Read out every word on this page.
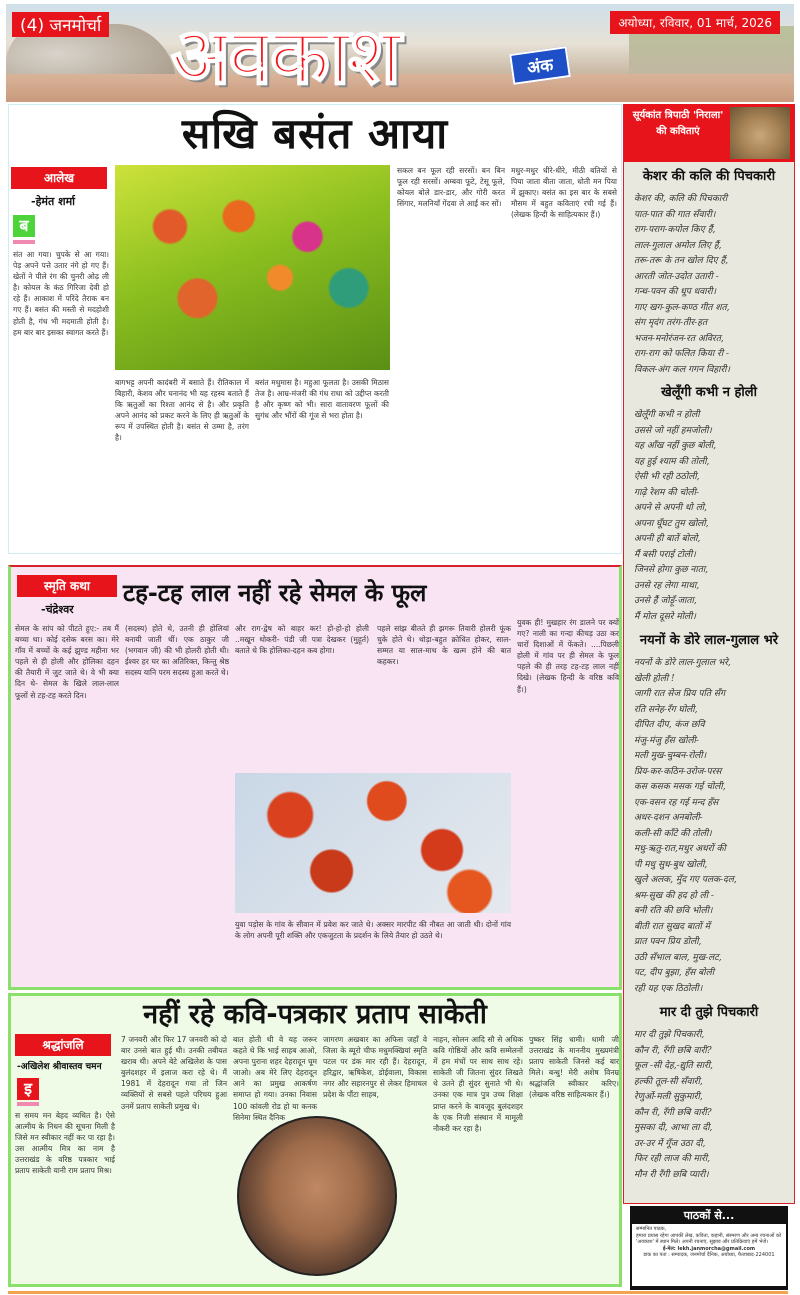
(4) जनमोर्चा	अयोध्या, रविवार, 01 मार्च, 2026
अवकाश	अंक
सखि बसंत आया
आलेख
-हेमंत शर्मा
ब
संत आ गया। चुपके से आ गया। पेड़ अपने पत्ते उतार नंगे हो गए हैं। खेतों ने पीले रंग की चुनरी ओढ़ ली है। कोयल के कंठ गिरिजा देवी हो रहे हैं। आकाश में परिंदे तैराक बन गए हैं। बसंत की मस्ती से मदहोशी होती है, गंध भी मदमाती होती है। हम बार बार इसका स्वागत करते हैं।
बागभट्ट अपनी कादंबरी में बसाते हैं। रीतिकाल में बिहारी, केशव और घनानंद भी यह रहस्य बताते हैं कि ऋतुओं का रिश्ता आनंद से है। और प्रकृति अपने आनंद को प्रकट करने के लिए ही ऋतुओं के रूप में उपस्थित होती है। बसंत से उम्मा है, तरंग है।
बसंत मधुमास है। महुआ फूलता है। उसकी मिठास तेज है। आम्र-मंजरी की गंध राधा को उद्दीप्त करती है और कृष्ण को भी। सारा वातावरण फूलों की सुगंध और भौंरों की गूंज से भरा होता है।
सकल बन फूल रही सरसों। बन बिन फूल रही सरसों। अम्बवा फूटे, टेसू फूले, कोयल बोले डार-डार, और गोरी करत सिंगार, मलनियाँ गेंदवा ले आईं कर सों।
मधुर-मधुर धीरे-धीरे, मीठी बतियों से पिया जाता बीता जाता, धोती मन पिया में झुकाए। बसंत का इस बार के सबसे मौसम में बहुत कविताएं रची गई हैं। (लेखक हिन्दी के साहित्यकार हैं।)
सूर्यकांत त्रिपाठी 'निराला' की कविताएं
केशर की कलि की पिचकारी
केशर की, कलि की पिचकारी
पात-पात की गात सँवारी।
राग-पराग-कपोल किए हैं,
लाल-गुलाल अमोल लिए हैं,
तरू-तरू के तन खोल दिए हैं,
आरती जोत-उदोत उतारी -
गन्ध-पवन की धूप धवारी।
गाए खग-कुल-कण्ठ गीत शत,
संग मृदंग तरंग-तीर-हत
भजन-मनोरंजन-रत अविरत,
राग-राग को फलित किया री -
विकल-अंग कल गगन विहारी।
खेलूँगी कभी न होली
खेलूँगी कभी न होली
उससे जो नहीं हमजोली।
यह आँख नहीं कुछ बोली,
यह हुई श्याम की तोली,
ऐसी भी रही ठठोली,
गाढ़े रेशम की चोली-
अपने से अपनी धो लो,
अपना घूँघट तुम खोलो,
अपनी ही बातें बोलो,
मैं बसी पराई टोली।
जिनसे होगा कुछ नाता,
उनसे रह लेगा माथा,
उनसे हैं जोड़ूँ-जाता,
मैं मोल दूसरे मोली।
नयनों के डोरे लाल-गुलाल भरे
नयनों के डोरे लाल-गुलाल भरे,
खेली होली !
जागी रात सेज प्रिय पति सँग
रति सनेह-रँग घोली,
दीपित दीप, कंज छवि
मंजु-मंजु हँस खोली-
मली मुख-चुम्बन-रोली।
प्रिय-कर-कठिन-उरोज-परस
कस कसक मसक गई चोली,
एक-वसन रह गई मन्द हँस
अधर-दशन अनबोली-
कली-सी काँटे की तोली।
मधु-ऋतु-रात,मधुर अधरों की
पी मधु सुध-बुध खोली,
खुले अलक, मुँद गए पलक-दल,
श्रम-सुख की हद हो ली -
बनी रति की छवि भोली।
बीती रात सुखद बातों में
प्रात पवन प्रिय डोली,
उठी सँभाल बाल, मुख-लट,
पट, दीप बुझा, हँस बोली
रही यह एक ठिठोली।
मार दी तुझे पिचकारी
मार दी तुझे पिचकारी,
कौन री, रँगी छबि वारी?
फूल -सी देह,-द्युति सारी,
हल्की तूल-सी सँवारी,
रेणुओं-मली सुकुमारी,
कौन री, रँगी छबि वारी?
मुसका दी, आभा ला दी,
उर-उर में गूँज उठा दी,
फिर रही लाज की मारी,
मौन री रँगी छबि प्यारी।
स्मृति कथा
-चंद्रेश्वर
टह-टह लाल नहीं रहे सेमल के फूल
सेमल के सांप को पीटते हुए:- तब मैं बच्चा था। कोई दसेक बरस का। मेरे गाँव में बच्चों के कई झुण्ड महीना भर पहले से ही होली और होलिका दहन की तैयारी में जुट जाते थे। वे भी क्या दिन थे- सेमल के खिले लाल-लाल फूलों से टह-टह करते दिन।
(सदस्य) होते थे, उतनी ही होलियां बनायी जाती थीं। एक ठाकुर जी (भगवान जी) की भी होलरी होती थी। ईश्वर हर घर का अतिरिक्त, किन्तु श्रेष्ठ सदस्य यानि परम सदस्य हुआ करते थे।
और राग-द्वेष को बाहर कर! हो-हो-हो होली ..मखून थोकरी- पंडी जी पत्रा देखकर (मुहूर्त) बताते थे कि होलिका-दहन कब होगा।
पहले सांझ बीतते ही झगरू तिवारी होलरी फूंक चुके होते थे। थोड़ा-बहुत क्रोधित होकर, साल-सम्मत या साल-माथ के खत्म होने की बात कहकर।
युवा पड़ोस के गांव के सीवान में प्रवेश कर जाते थे। अक्सर मारपीट की नौबत आ जाती थी। दोनों गांव के लोग अपनी पूरी शक्ति और एकजुटता के प्रदर्शन के लिये तैयार हो उठते थे।
युवक ही! मुखहार रंग डालने पर क्यों गए? नाली का गन्दा कीचड़ उठा कर चारों दिशाओं में फेंकते। ....पिछली होली में गांव पर ही सेमल के फूल पहले की ही तरह टह-टह लाल नहीं दिखे। (लेखक हिन्दी के वरिष्ठ कवि हैं।)
नहीं रहे कवि-पत्रकार प्रताप साकेती
श्रद्धांजलि
-अखिलेश श्रीवास्तव चमन
इ
स समय मन बेहद व्यथित है। ऐसे आत्मीय के निधन की सूचना मिली है जिसे मन स्वीकार नहीं कर पा रहा है। उस आत्मीय मित्र का नाम है उत्तराखंड के वरिष्ठ पत्रकार भाई प्रताप साकेती यानी राम प्रताप मिश्र।
7 जनवरी और फिर 17 जनवरी को दो बार उनसे बात हुई थी। उनकी तबीयत खराब थी। अपने बेटे अखिलेश के पास बुलंदशहर में इलाज करा रहे थे। मैं 1981 में देहरादून गया तो जिन व्यक्तियों से सबसे पहले परिचय हुआ उनमें प्रताप साकेती प्रमुख थे।
बात होती थी वे यह जरूर कहते थे कि भाई साहब आओ, अपना पुराना शहर देहरादून घूम जाओ। अब मेरे लिए देहरादून आने का प्रमुख आकर्षण समाप्त हो गया। उनका निवास 100 कांवली रोड हो या कनक सिनेमा स्थित दैनिक
जागरण अखबार का अफिस जहाँ वे जिला के ब्यूरो चीफ मधुमक्खियां स्मृति पटल पर डंक मार रही हैं। देहरादून, हरिद्वार, ऋषिकेश, डोईवाला, विकास नगर और सहारनपुर से लेकर हिमाचल प्रदेश के पौंटा साहब,
नाहन, सोलन आदि सौ से अधिक कवि गोष्ठियों और कवि सम्मेलनों में हम मंचों पर साथ साथ रहे। साकेती जी जितना सुंदर लिखते थे उतने ही सुंदर सुनाते भी थे। उनका एक मात्र पुत्र उच्च शिक्षा प्राप्त करने के बावजूद बुलंदशहर के एक निजी संस्थान में मामूली नौकरी कर रहा है।
पुष्कर सिंह धामी। धामी जी उत्तराखंड के माननीय मुख्यमंत्री प्रताप साकेती जिनसे कई बार मिले। बन्धु! मेरी अशेष विनम्र श्रद्धांजलि स्वीकार करिए। (लेखक वरिष्ठ साहित्यकार हैं।)
पाठकों से...
सम्मानित पाठक,
हमारा प्रयास रहेगा आपकी लेख, कविता, कहानी, संस्मरण और अन्य रचनाओं को 'अवकाश' में स्थान मिले। अपनी रचनाएं, सुझाव और प्रतिक्रियाएं हमें भेजें।
ई-मेल: lekh.janmorcha@gmail.com
डाक का पता : सम्पादक, जनमोर्चा दैनिक, अयोध्या, फैजाबाद-224001
